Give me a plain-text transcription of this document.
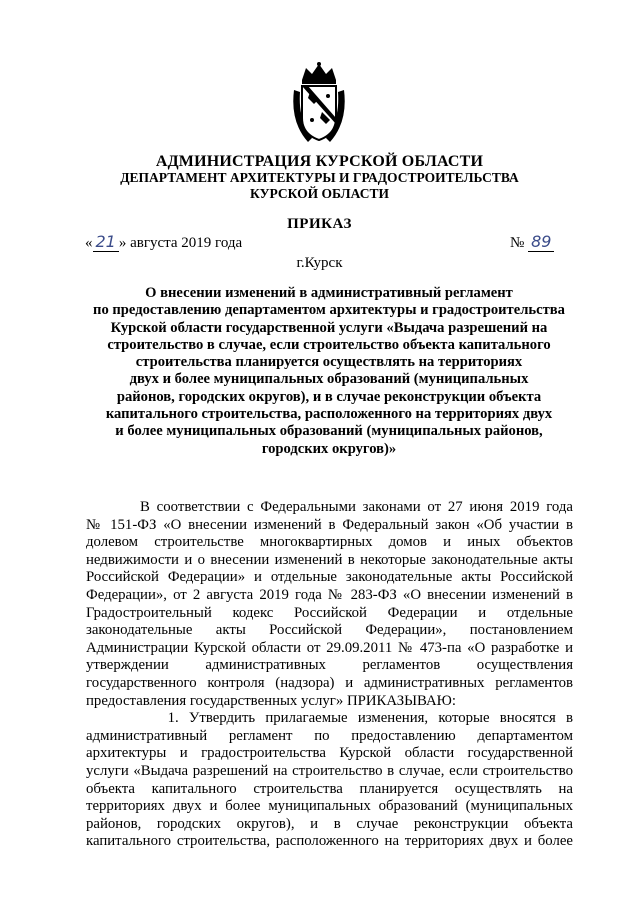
АДМИНИСТРАЦИЯ КУРСКОЙ ОБЛАСТИ
ДЕПАРТАМЕНТ АРХИТЕКТУРЫ И ГРАДОСТРОИТЕЛЬСТВА
КУРСКОЙ ОБЛАСТИ
ПРИКАЗ
« 21 » августа 2019 года	№ 89
г.Курск
О внесении изменений в административный регламент
по предоставлению департаментом архитектуры и градостроительства
Курской области государственной услуги «Выдача разрешений на
строительство в случае, если строительство объекта капитального
строительства планируется осуществлять на территориях
двух и более муниципальных образований (муниципальных
районов, городских округов), и в случае реконструкции объекта
капитального строительства, расположенного на территориях двух
и более муниципальных образований (муниципальных районов,
городских округов)»
В соответствии с Федеральными законами от 27 июня 2019 года
№ 151-ФЗ «О внесении изменений в Федеральный закон «Об участии в
долевом строительстве многоквартирных домов и иных объектов
недвижимости и о внесении изменений в некоторые законодательные акты
Российской Федерации» и отдельные законодательные акты Российской
Федерации», от 2 августа 2019 года № 283-ФЗ «О внесении изменений в
Градостроительный кодекс Российской Федерации и отдельные
законодательные акты Российской Федерации», постановлением
Администрации Курской области от 29.09.2011 № 473-па «О разработке и
утверждении административных регламентов осуществления
государственного контроля (надзора) и административных регламентов
предоставления государственных услуг» ПРИКАЗЫВАЮ:
1. Утвердить прилагаемые изменения, которые вносятся в
административный регламент по предоставлению департаментом
архитектуры и градостроительства Курской области государственной
услуги «Выдача разрешений на строительство в случае, если строительство
объекта капитального строительства планируется осуществлять на
территориях двух и более муниципальных образований (муниципальных
районов, городских округов), и в случае реконструкции объекта
капитального строительства, расположенного на территориях двух и более
